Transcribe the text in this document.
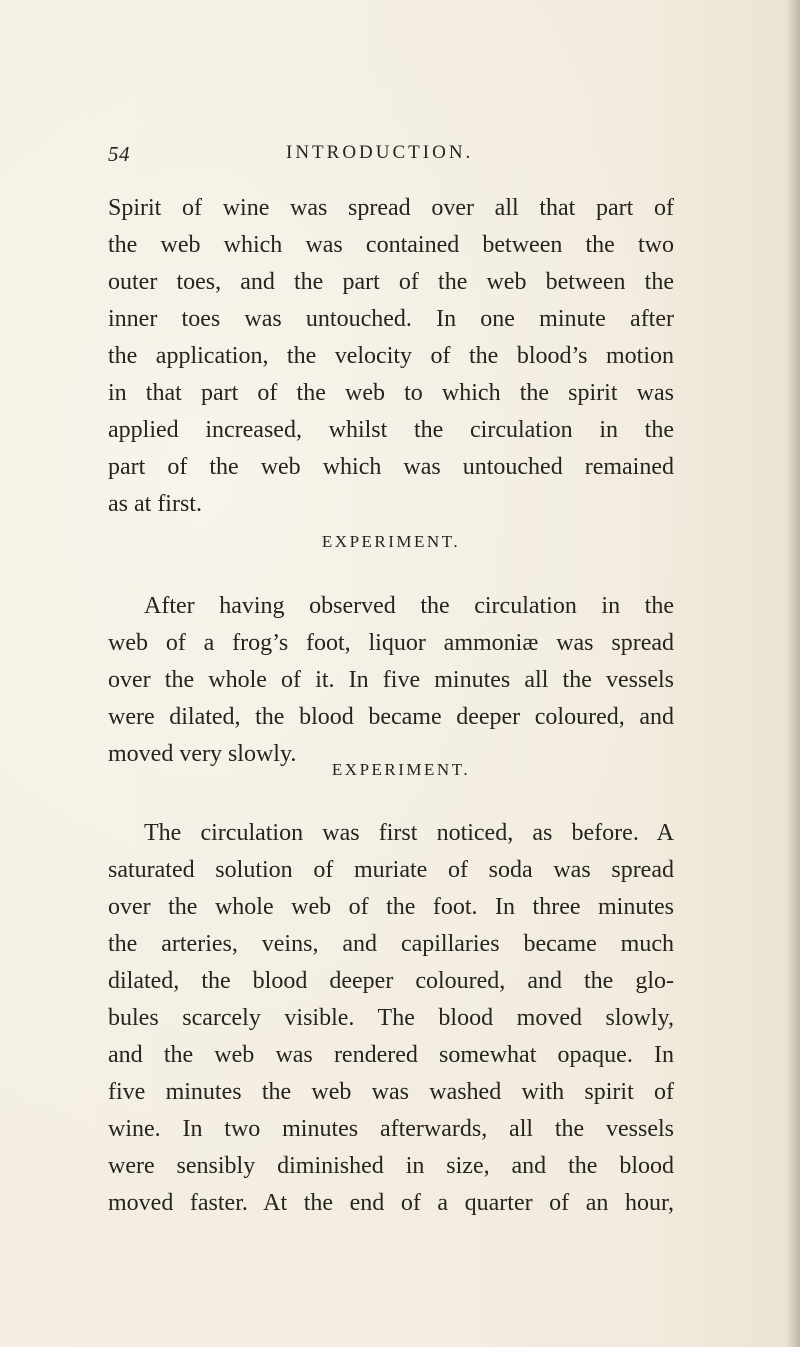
54	INTRODUCTION.

Spirit of wine was spread over all that part of
the web which was contained between the two
outer toes, and the part of the web between the
inner toes was untouched. In one minute after
the application, the velocity of the blood’s motion
in that part of the web to which the spirit was
applied increased, whilst the circulation in the
part of the web which was untouched remained
as at first.

EXPERIMENT.

After having observed the circulation in the
web of a frog’s foot, liquor ammoniæ was spread
over the whole of it. In five minutes all the vessels
were dilated, the blood became deeper coloured, and
moved very slowly.

EXPERIMENT.

The circulation was first noticed, as before. A
saturated solution of muriate of soda was spread
over the whole web of the foot. In three minutes
the arteries, veins, and capillaries became much
dilated, the blood deeper coloured, and the glo-
bules scarcely visible. The blood moved slowly,
and the web was rendered somewhat opaque. In
five minutes the web was washed with spirit of
wine. In two minutes afterwards, all the vessels
were sensibly diminished in size, and the blood
moved faster. At the end of a quarter of an hour,
